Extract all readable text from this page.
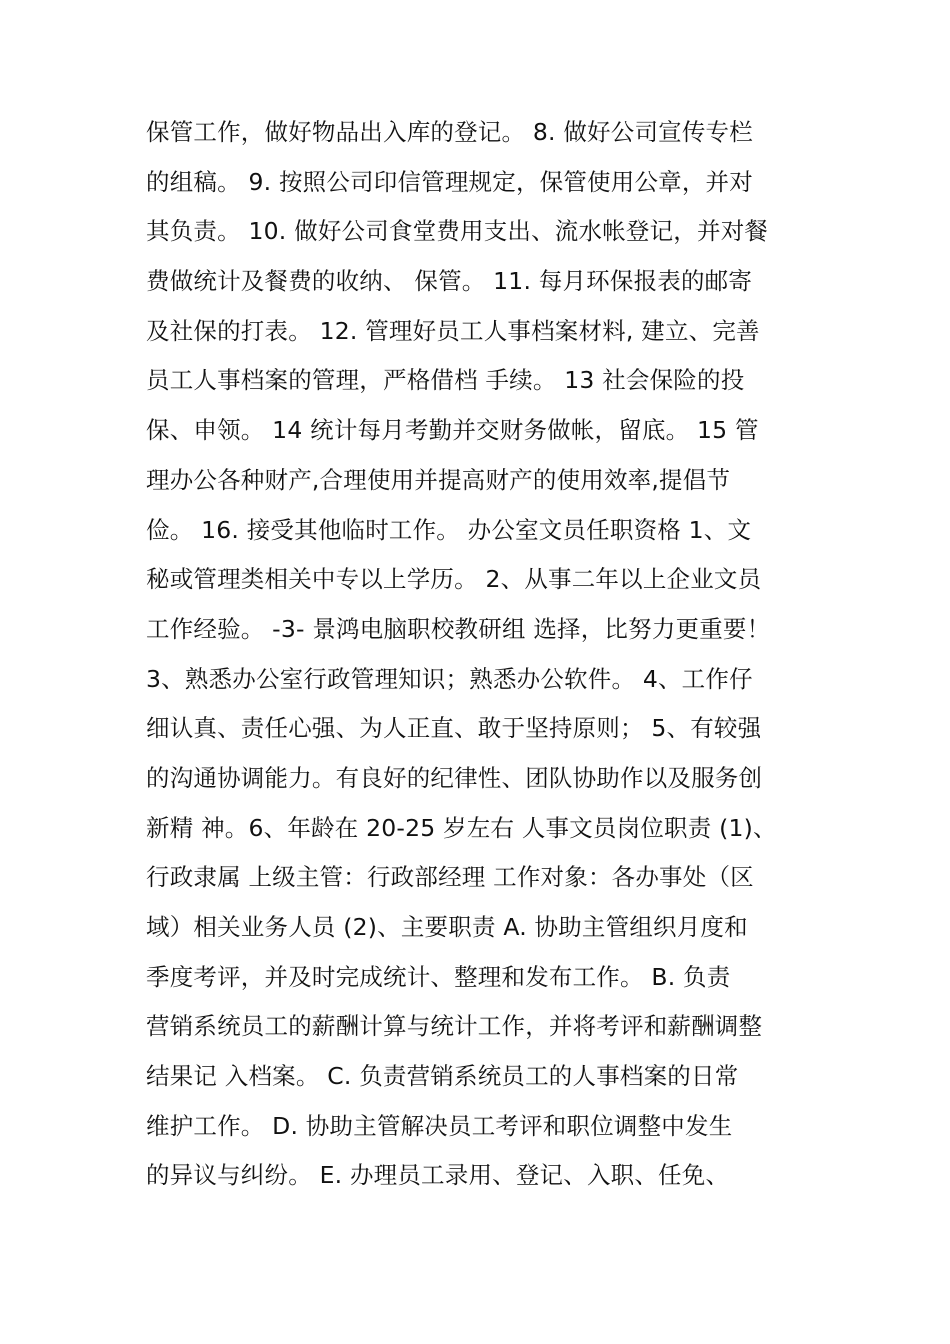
保管工作，做好物品出入库的登记。 8. 做好公司宣传专栏
的组稿。 9. 按照公司印信管理规定，保管使用公章，并对
其负责。 10. 做好公司食堂费用支出、流水帐登记，并对餐
费做统计及餐费的收纳、 保管。 11. 每月环保报表的邮寄
及社保的打表。 12. 管理好员工人事档案材料, 建立、完善
员工人事档案的管理，严格借档 手续。 13 社会保险的投
保、申领。 14 统计每月考勤并交财务做帐，留底。 15 管
理办公各种财产,合理使用并提高财产的使用效率,提倡节
俭。 16. 接受其他临时工作。 办公室文员任职资格 1、文
秘或管理类相关中专以上学历。 2、从事二年以上企业文员
工作经验。 -3- 景鸿电脑职校教研组 选择，比努力更重要！
3、熟悉办公室行政管理知识；熟悉办公软件。 4、工作仔
细认真、责任心强、为人正直、敢于坚持原则； 5、有较强
的沟通协调能力。有良好的纪律性、团队协助作以及服务创
新精 神。6、年龄在 20-25 岁左右 人事文员岗位职责 (1)、
行政隶属 上级主管：行政部经理 工作对象：各办事处（区
域）相关业务人员 (2)、主要职责 A. 协助主管组织月度和
季度考评，并及时完成统计、整理和发布工作。 B. 负责
营销系统员工的薪酬计算与统计工作，并将考评和薪酬调整
结果记 入档案。 C. 负责营销系统员工的人事档案的日常
维护工作。 D. 协助主管解决员工考评和职位调整中发生
的异议与纠纷。 E. 办理员工录用、登记、入职、任免、
